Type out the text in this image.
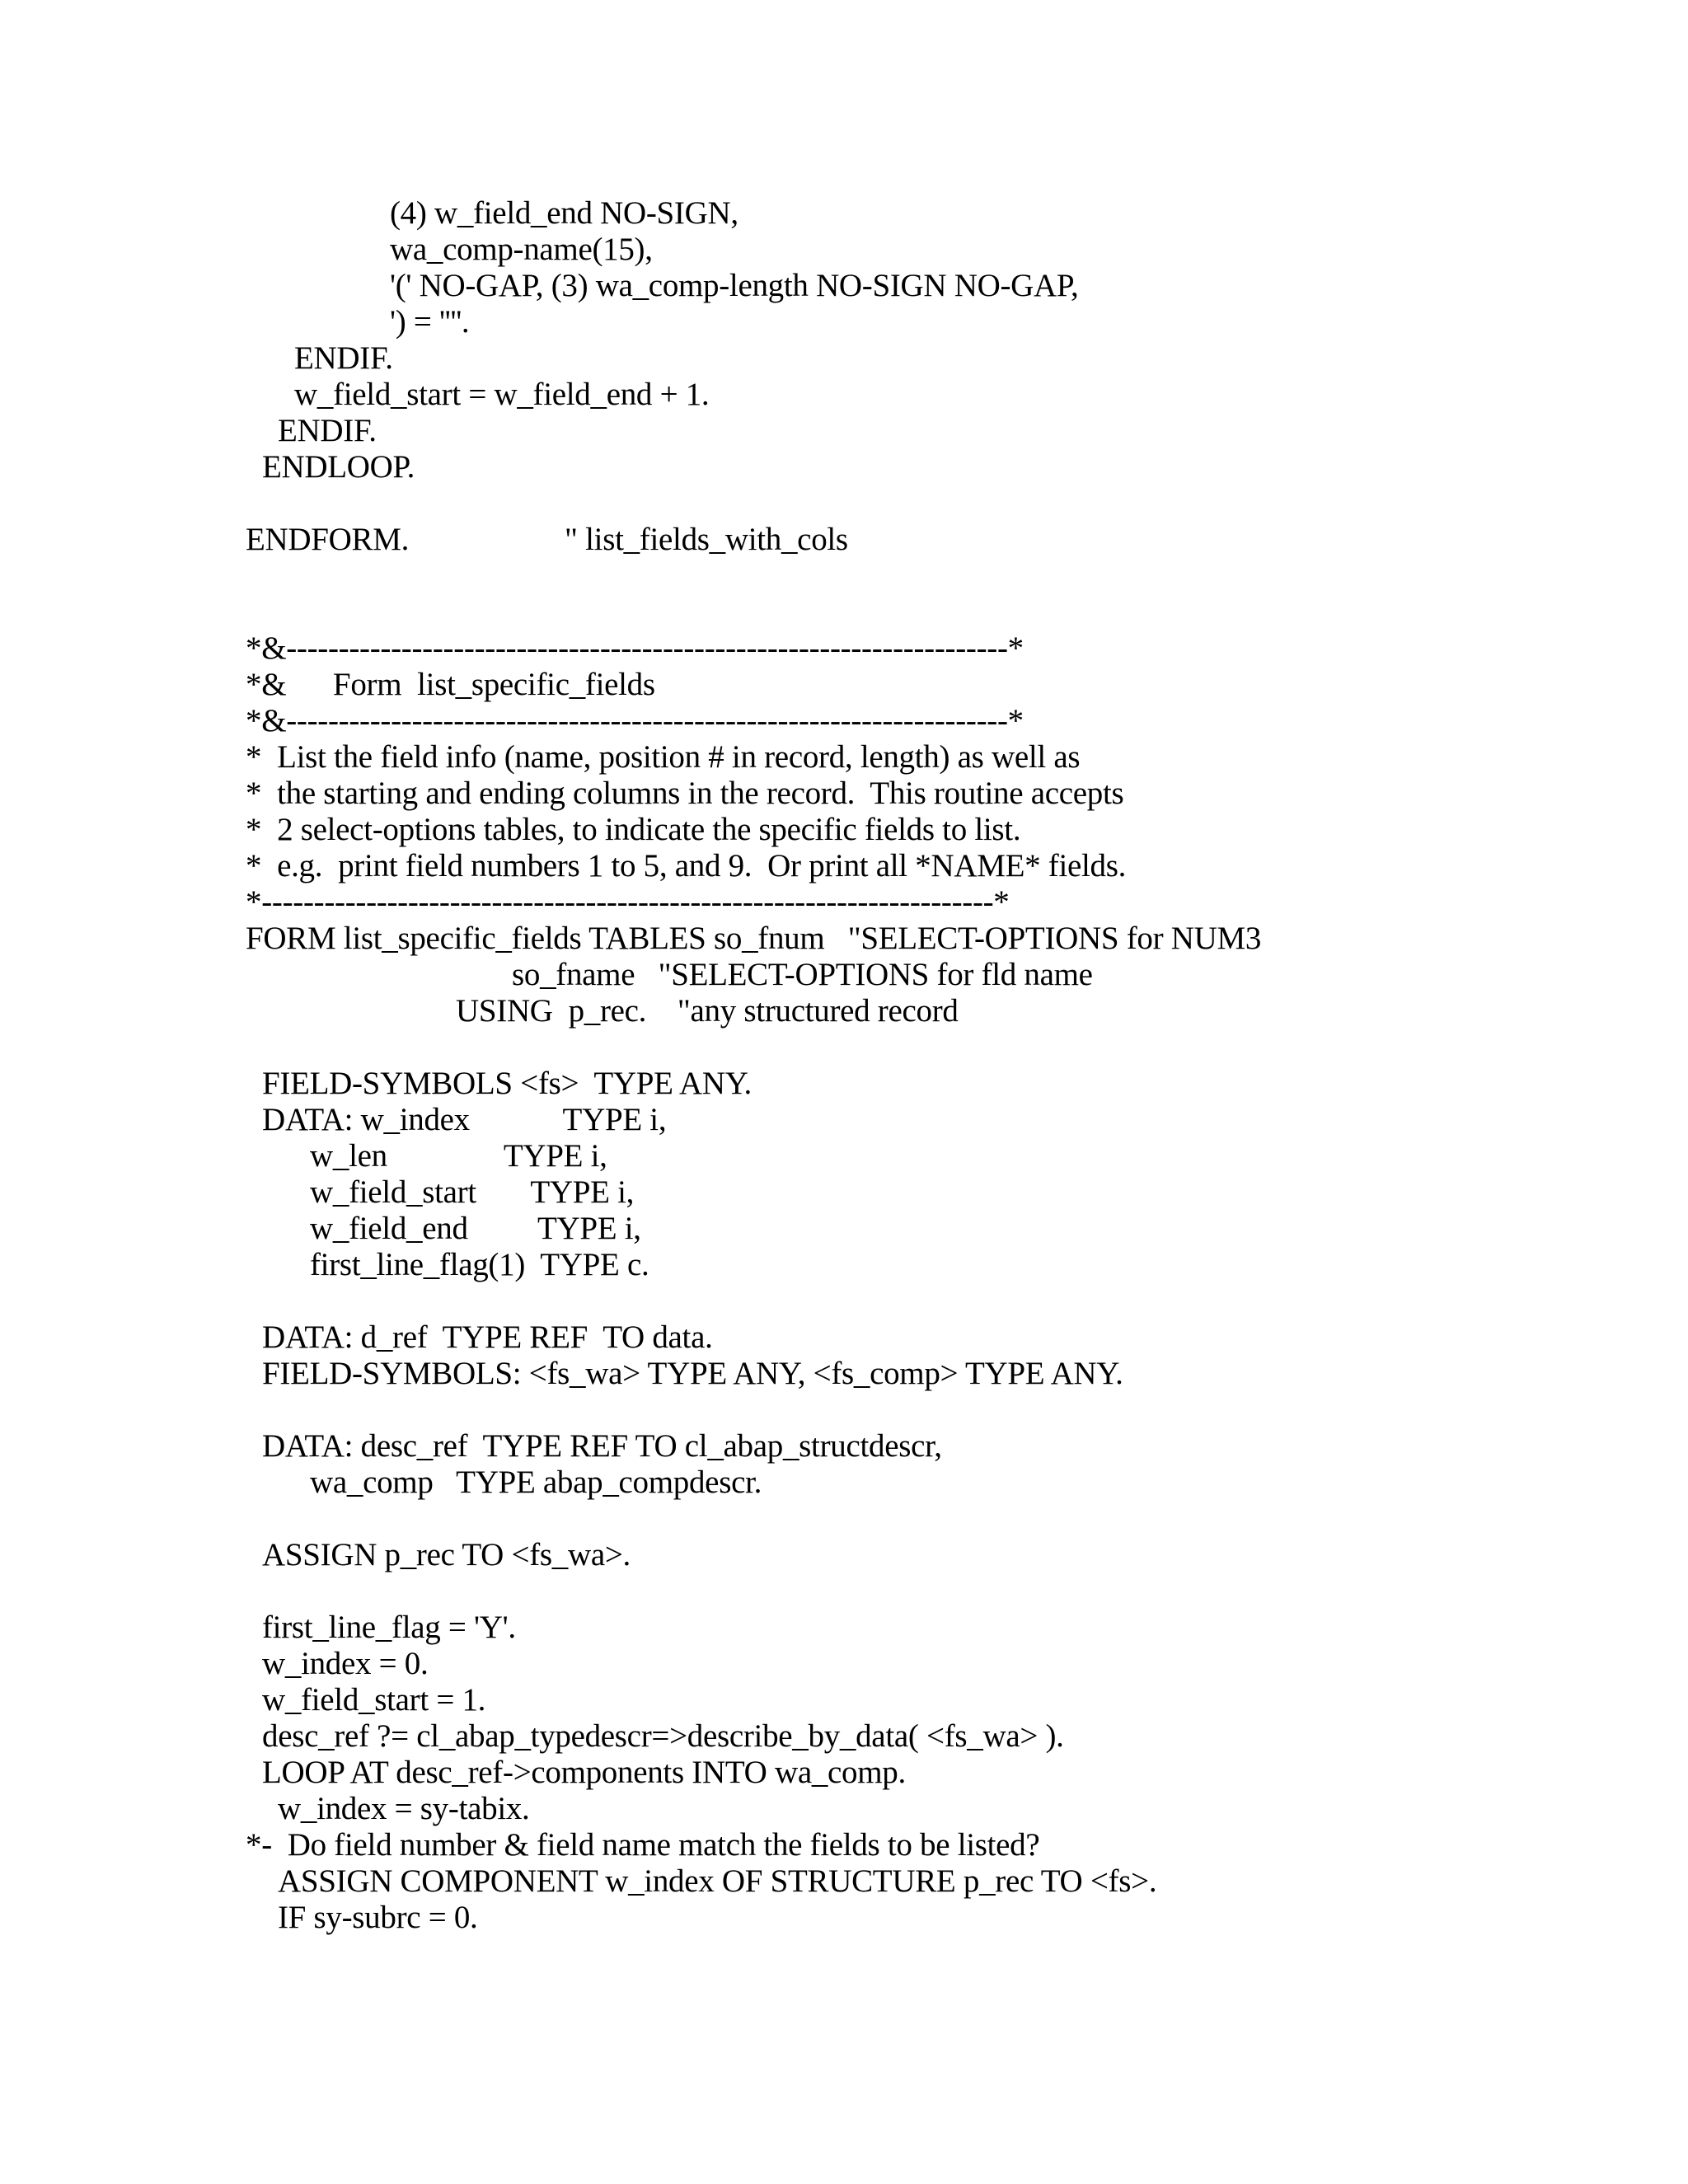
(4) w_field_end NO-SIGN,
wa_comp-name(15),
'(' NO-GAP, (3) wa_comp-length NO-SIGN NO-GAP,
') = ''''.
ENDIF.
w_field_start = w_field_end + 1.
ENDIF.
ENDLOOP.
ENDFORM.                    " list_fields_with_cols
*&---------------------------------------------------------------------*
*&      Form  list_specific_fields
*&---------------------------------------------------------------------*
*  List the field info (name, position # in record, length) as well as
*  the starting and ending columns in the record.  This routine accepts
*  2 select-options tables, to indicate the specific fields to list.
*  e.g.  print field numbers 1 to 5, and 9.  Or print all *NAME* fields.
*----------------------------------------------------------------------*
FORM list_specific_fields TABLES so_fnum   "SELECT-OPTIONS for NUM3
so_fname   "SELECT-OPTIONS for fld name
USING  p_rec.    "any structured record
FIELD-SYMBOLS <fs>  TYPE ANY.
DATA: w_index            TYPE i,
w_len               TYPE i,
w_field_start       TYPE i,
w_field_end         TYPE i,
first_line_flag(1)  TYPE c.
DATA: d_ref  TYPE REF  TO data.
FIELD-SYMBOLS: <fs_wa> TYPE ANY, <fs_comp> TYPE ANY.
DATA: desc_ref  TYPE REF TO cl_abap_structdescr,
wa_comp   TYPE abap_compdescr.
ASSIGN p_rec TO <fs_wa>.
first_line_flag = 'Y'.
w_index = 0.
w_field_start = 1.
desc_ref ?= cl_abap_typedescr=>describe_by_data( <fs_wa> ).
LOOP AT desc_ref->components INTO wa_comp.
w_index = sy-tabix.
*-  Do field number & field name match the fields to be listed?
ASSIGN COMPONENT w_index OF STRUCTURE p_rec TO <fs>.
IF sy-subrc = 0.
